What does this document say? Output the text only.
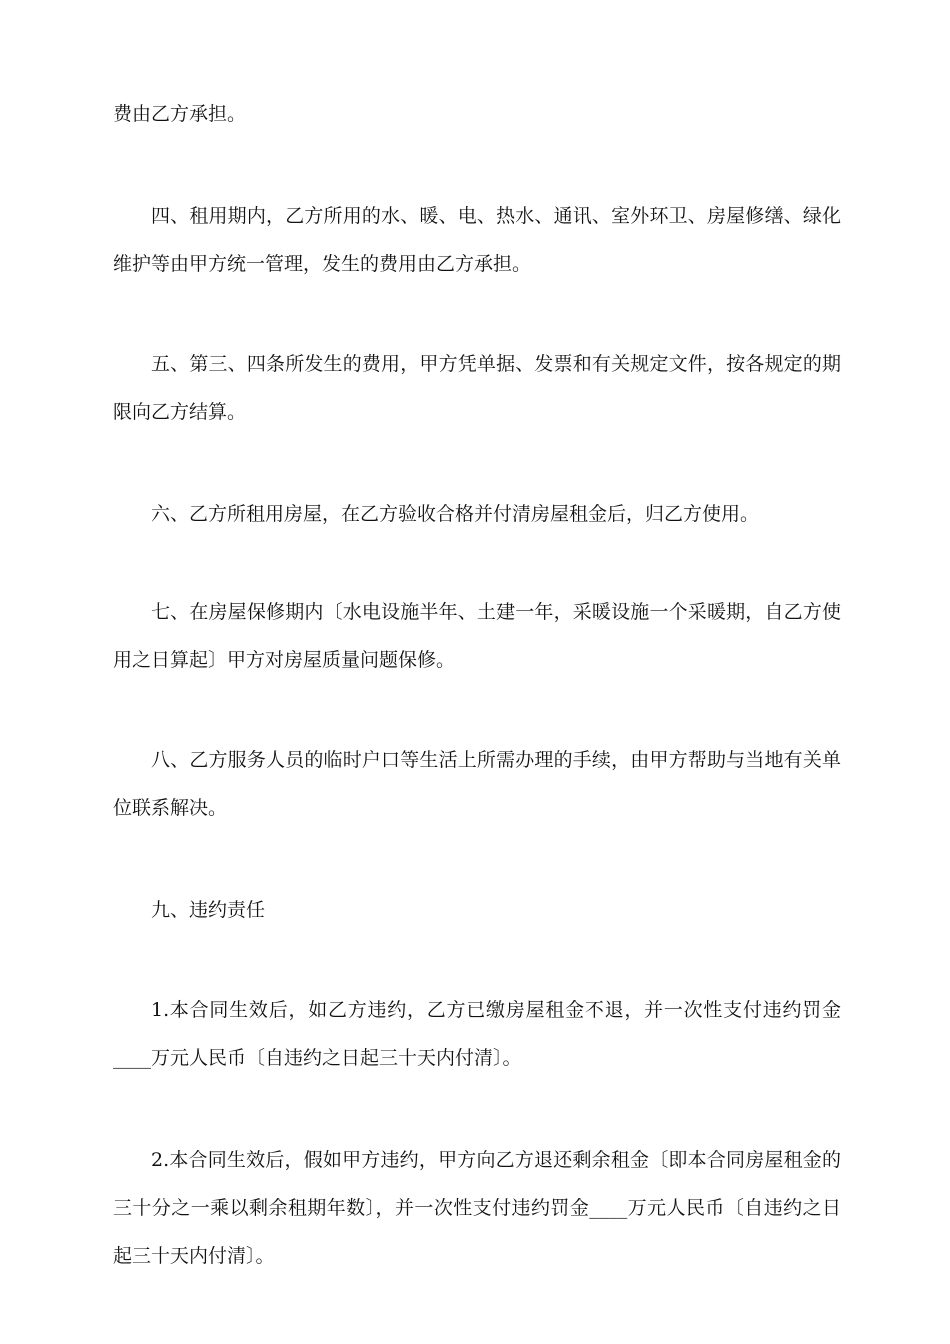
费由乙方承担。

四、租用期内，乙方所用的水、暖、电、热水、通讯、室外环卫、房屋修缮、绿化维护等由甲方统一管理，发生的费用由乙方承担。

五、第三、四条所发生的费用，甲方凭单据、发票和有关规定文件，按各规定的期限向乙方结算。

六、乙方所租用房屋，在乙方验收合格并付清房屋租金后，归乙方使用。

七、在房屋保修期内〔水电设施半年、土建一年，采暖设施一个采暖期，自乙方使用之日算起〕甲方对房屋质量问题保修。

八、乙方服务人员的临时户口等生活上所需办理的手续，由甲方帮助与当地有关单位联系解决。

九、违约责任

1.本合同生效后，如乙方违约，乙方已缴房屋租金不退，并一次性支付违约罚金____万元人民币〔自违约之日起三十天内付清〕。

2.本合同生效后，假如甲方违约，甲方向乙方退还剩余租金〔即本合同房屋租金的三十分之一乘以剩余租期年数〕，并一次性支付违约罚金____万元人民币〔自违约之日起三十天内付清〕。
